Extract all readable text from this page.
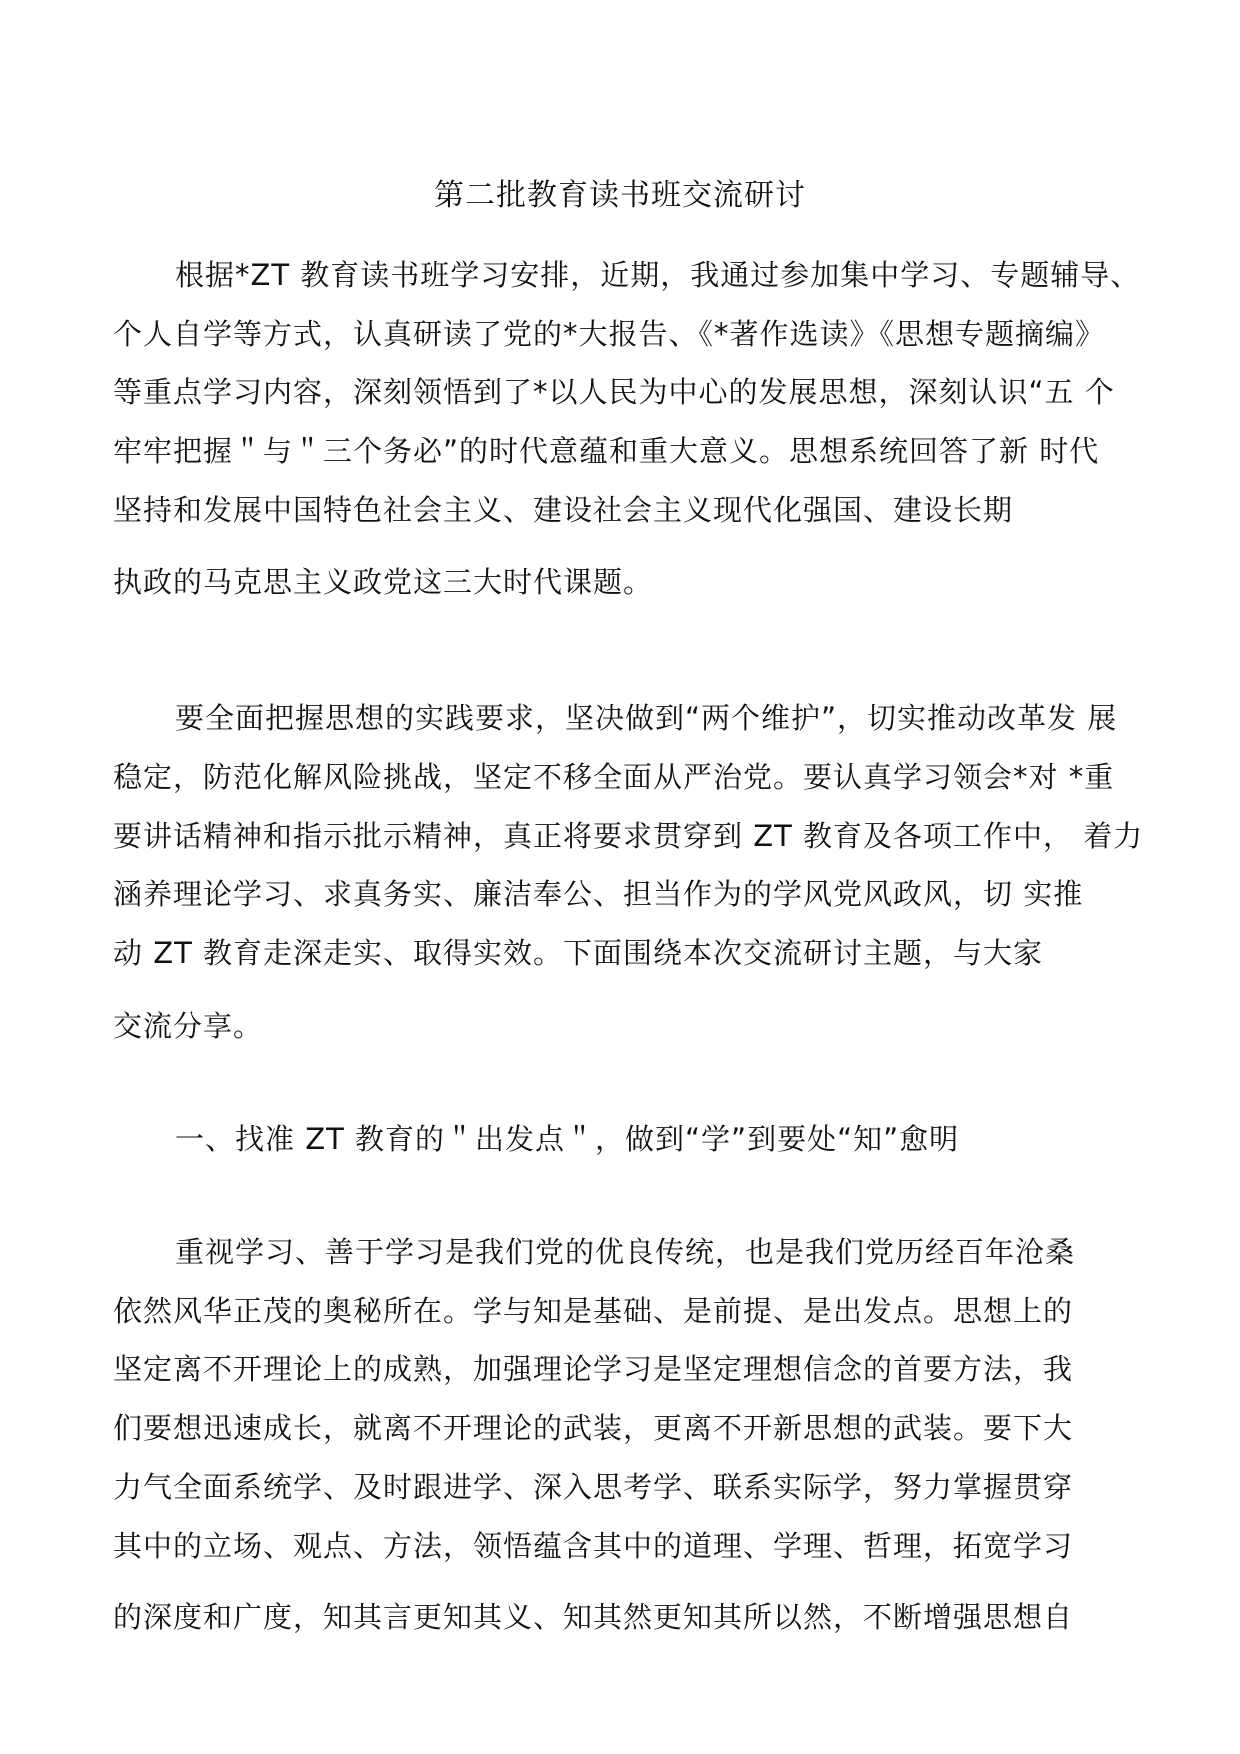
第二批教育读书班交流研讨
根据*ZT 教育读书班学习安排，近期，我通过参加集中学习、专题辅导、
个人自学等方式，认真研读了党的*大报告、《*著作选读》《思想专题摘编》
等重点学习内容，深刻领悟到了*以人民为中心的发展思想，深刻认识“五 个
牢牢把握＂与＂三个务必”的时代意蕴和重大意义。思想系统回答了新 时代
坚持和发展中国特色社会主义、建设社会主义现代化强国、建设长期
执政的马克思主义政党这三大时代课题。
要全面把握思想的实践要求，坚决做到“两个维护”，切实推动改革发 展
稳定，防范化解风险挑战，坚定不移全面从严治党。要认真学习领会*对 *重
要讲话精神和指示批示精神，真正将要求贯穿到 ZT 教育及各项工作中， 着力
涵养理论学习、求真务实、廉洁奉公、担当作为的学风党风政风，切 实推
动 ZT 教育走深走实、取得实效。下面围绕本次交流研讨主题，与大家
交流分享。
一、找准 ZT 教育的＂出发点＂，做到“学”到要处“知”愈明
重视学习、善于学习是我们党的优良传统，也是我们党历经百年沧桑
依然风华正茂的奥秘所在。学与知是基础、是前提、是出发点。思想上的
坚定离不开理论上的成熟，加强理论学习是坚定理想信念的首要方法，我
们要想迅速成长，就离不开理论的武装，更离不开新思想的武装。要下大
力气全面系统学、及时跟进学、深入思考学、联系实际学，努力掌握贯穿
其中的立场、观点、方法，领悟蕴含其中的道理、学理、哲理，拓宽学习
的深度和广度，知其言更知其义、知其然更知其所以然，不断增强思想自
